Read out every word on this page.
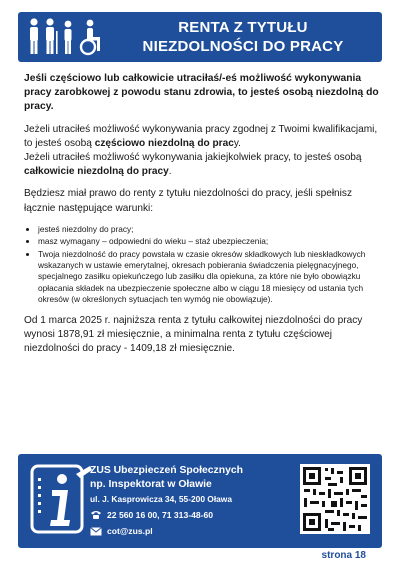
RENTA Z TYTUŁU
NIEZDOLNOŚCI DO PRACY

Jeśli częściowo lub całkowicie utraciłaś/-eś możliwość wykonywania pracy zarobkowej z powodu stanu zdrowia, to jesteś osobą niezdolną do pracy.

Jeżeli utraciłeś możliwość wykonywania pracy zgodnej z Twoimi kwalifikacjami, to jesteś osobą częściowo niezdolną do pracy.
Jeżeli utraciłeś możliwość wykonywania jakiejkolwiek pracy, to jesteś osobą całkowicie niezdolną do pracy.

Będziesz miał prawo do renty z tytułu niezdolności do pracy, jeśli spełnisz łącznie następujące warunki:

• jesteś niezdolny do pracy;
• masz wymagany – odpowiedni do wieku – staż ubezpieczenia;
• Twoja niezdolność do pracy powstała w czasie okresów składkowych lub nieskładkowych wskazanych w ustawie emerytalnej, okresach pobierania świadczenia pielęgnacyjnego, specjalnego zasiłku opiekuńczego lub zasiłku dla opiekuna, za które nie było obowiązku opłacania składek na ubezpieczenie społeczne albo w ciągu 18 miesięcy od ustania tych okresów (w określonych sytuacjach ten wymóg nie obowiązuje).

Od 1 marca 2025 r. najniższa renta z tytułu całkowitej niezdolności do pracy wynosi 1878,91 zł miesięcznie, a minimalna renta z tytułu częściowej niezdolności do pracy - 1409,18 zł miesięcznie.

ZUS Ubezpieczeń Społecznych
np. Inspektorat w Oławie
ul. J. Kasprowicza 34, 55-200 Oława
22 560 16 00, 71 313-48-60
cot@zus.pl
strona 18
